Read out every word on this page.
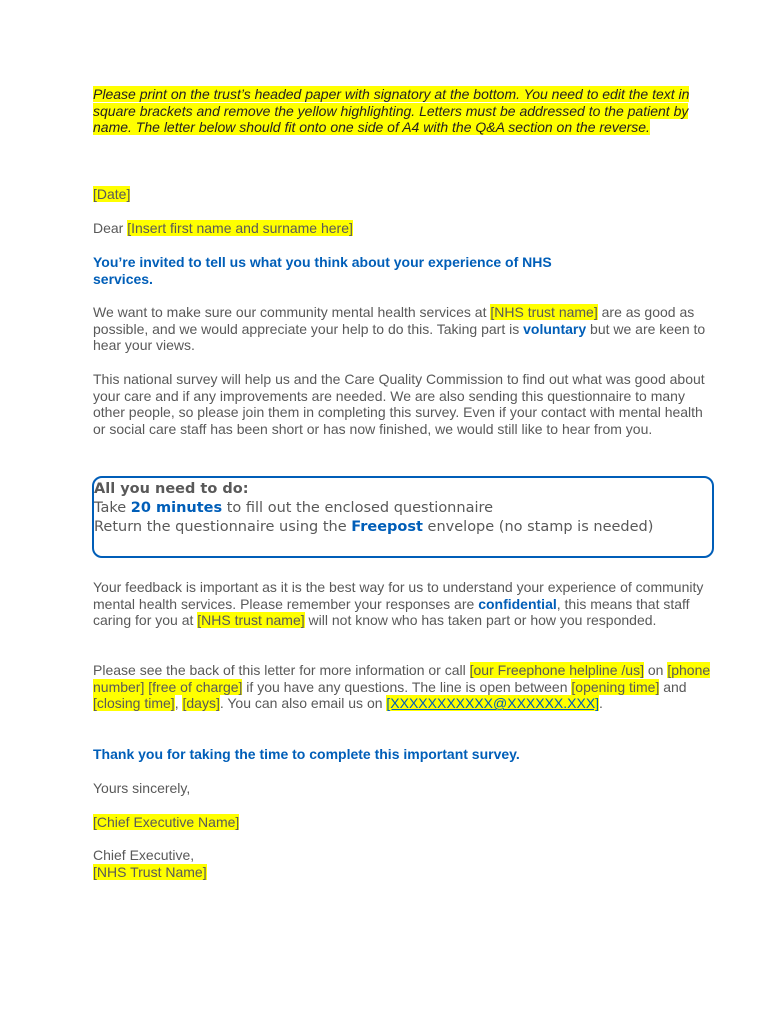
Please print on the trust’s headed paper with signatory at the bottom. You need to edit the text in square brackets and remove the yellow highlighting. Letters must be addressed to the patient by name. The letter below should fit onto one side of A4 with the Q&A section on the reverse.

[Date]

Dear [Insert first name and surname here]

You’re invited to tell us what you think about your experience of NHS
services.

We want to make sure our community mental health services at [NHS trust name] are as good as possible, and we would appreciate your help to do this. Taking part is voluntary but we are keen to hear your views.

This national survey will help us and the Care Quality Commission to find out what was good about your care and if any improvements are needed. We are also sending this questionnaire to many other people, so please join them in completing this survey. Even if your contact with mental health or social care staff has been short or has now finished, we would still like to hear from you.

All you need to do:
Take 20 minutes to fill out the enclosed questionnaire
Return the questionnaire using the Freepost envelope (no stamp is needed)

Your feedback is important as it is the best way for us to understand your experience of community mental health services. Please remember your responses are confidential, this means that staff caring for you at [NHS trust name] will not know who has taken part or how you responded.

Please see the back of this letter for more information or call [our Freephone helpline /us] on [phone number] [free of charge] if you have any questions. The line is open between [opening time] and [closing time], [days]. You can also email us on [XXXXXXXXXXX@XXXXXX.XXX].

Thank you for taking the time to complete this important survey.

Yours sincerely,

[Chief Executive Name]

Chief Executive,

[NHS Trust Name]
